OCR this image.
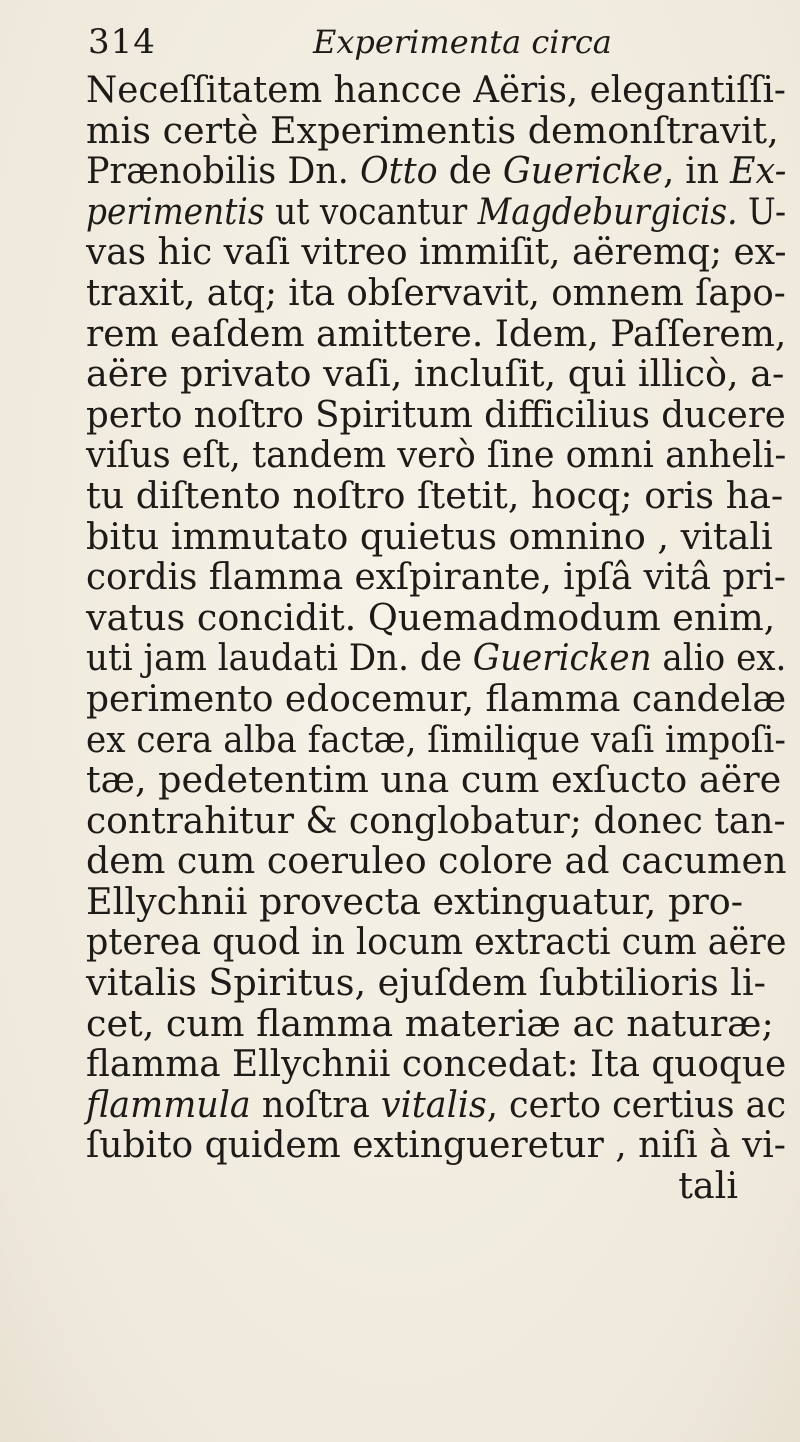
314	Experimenta circa
Neceſſitatem hancce Aëris, elegantiſſi-
mis certè Experimentis demonſtravit,
Prænobilis Dn. Otto de Guericke, in Ex-
perimentis ut vocantur Magdeburgicis. U-
vas hic vaſi vitreo immiſit, aëremq; ex-
traxit, atq; ita obſervavit, omnem ſapo-
rem eaſdem amittere. Idem, Paſſerem,
aëre privato vaſi, incluſit, qui illicò, a-
perto noſtro Spiritum difficilius ducere
viſus eſt, tandem verò ſine omni anheli-
tu diſtento noſtro ſtetit, hocq; oris ha-
bitu immutato quietus omnino , vitali
cordis flamma exſpirante, ipſâ vitâ pri-
vatus concidit. Quemadmodum enim,
uti jam laudati Dn. de Guericken alio ex.
perimento edocemur, flamma candelæ
ex cera alba factæ, ſimilique vaſi impoſi-
tæ, pedetentim una cum exſucto aëre
contrahitur & conglobatur; donec tan-
dem cum coeruleo colore ad cacumen
Ellychnii provecta extinguatur, pro-
pterea quod in locum extracti cum aëre
vitalis Spiritus, ejuſdem ſubtilioris li-
cet, cum flamma materiæ ac naturæ;
flamma Ellychnii concedat: Ita quoque
flammula noſtra vitalis, certo certius ac
ſubito quidem extingueretur , niſi à vi-
tali
